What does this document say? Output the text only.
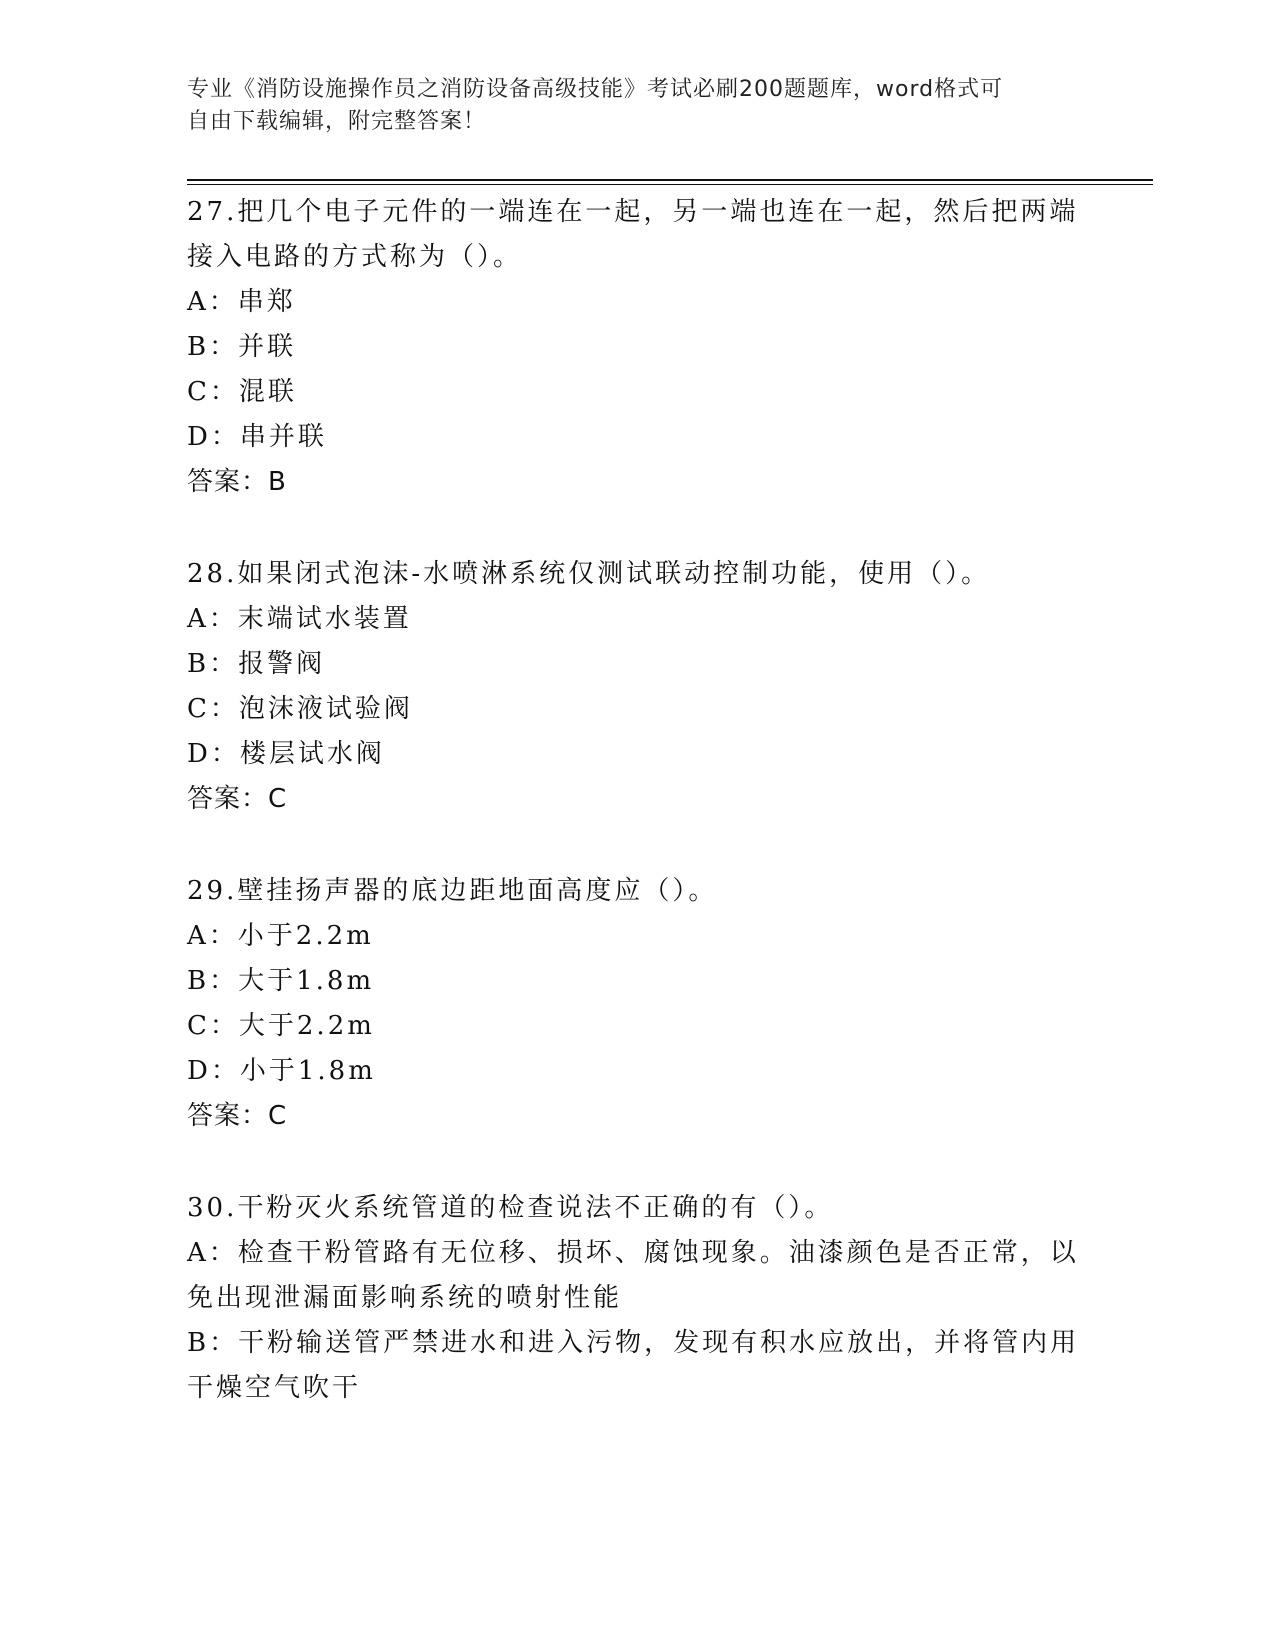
专业《消防设施操作员之消防设备高级技能》考试必刷200题题库，word格式可
自由下载编辑，附完整答案！
27.把几个电子元件的一端连在一起，另一端也连在一起，然后把两端
接入电路的方式称为（）。
A：串郑
B：并联
C：混联
D：串并联
答案：B
28.如果闭式泡沫-水喷淋系统仅测试联动控制功能，使用（）。
A：末端试水装置
B：报警阀
C：泡沫液试验阀
D：楼层试水阀
答案：C
29.壁挂扬声器的底边距地面高度应（）。
A：小于2.2m
B：大于1.8m
C：大于2.2m
D：小于1.8m
答案：C
30.干粉灭火系统管道的检查说法不正确的有（）。
A：检查干粉管路有无位移、损坏、腐蚀现象。油漆颜色是否正常，以
免出现泄漏面影响系统的喷射性能
B：干粉输送管严禁进水和进入污物，发现有积水应放出，并将管内用
干燥空气吹干
